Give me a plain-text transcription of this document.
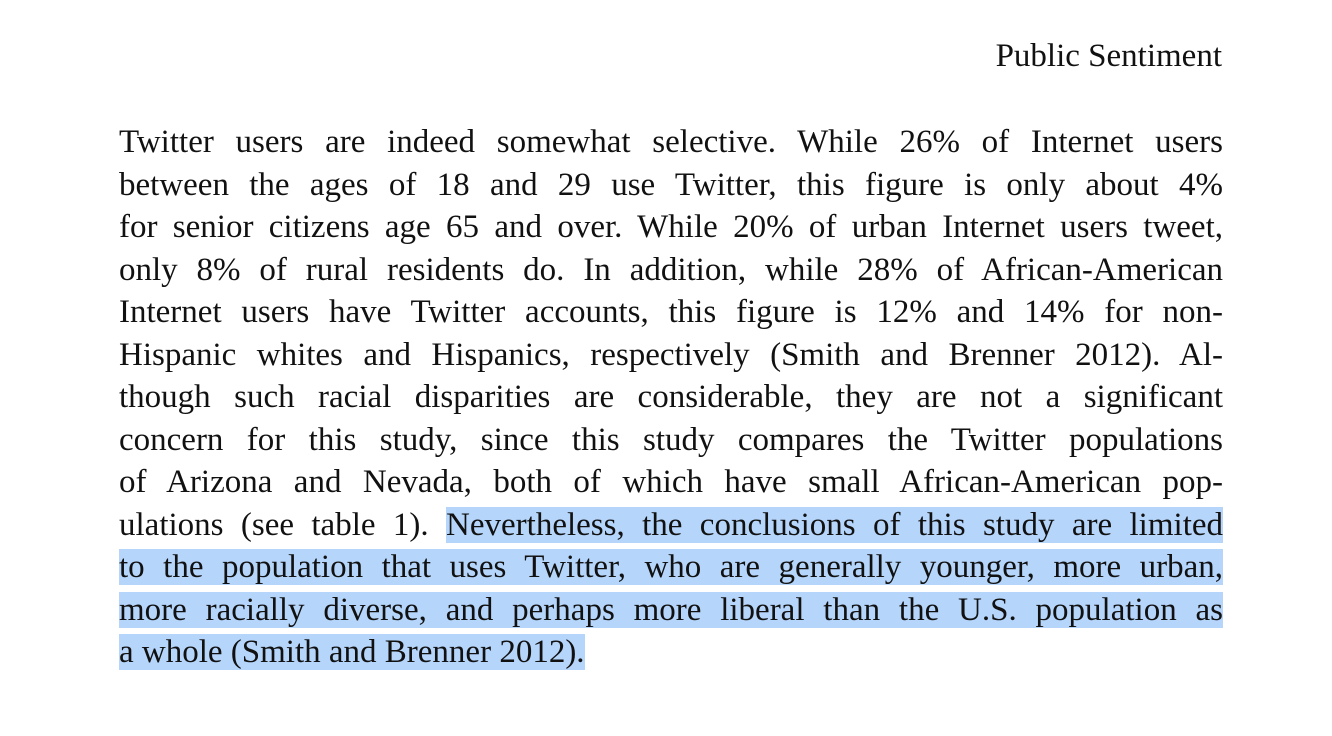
Public Sentiment
Twitter users are indeed somewhat selective. While 26% of Internet users
between the ages of 18 and 29 use Twitter, this figure is only about 4%
for senior citizens age 65 and over. While 20% of urban Internet users tweet,
only 8% of rural residents do. In addition, while 28% of African-American
Internet users have Twitter accounts, this figure is 12% and 14% for non-
Hispanic whites and Hispanics, respectively (Smith and Brenner 2012). Al-
though such racial disparities are considerable, they are not a significant
concern for this study, since this study compares the Twitter populations
of Arizona and Nevada, both of which have small African-American pop-
ulations (see table 1). Nevertheless, the conclusions of this study are limited
to the population that uses Twitter, who are generally younger, more urban,
more racially diverse, and perhaps more liberal than the U.S. population as
a whole (Smith and Brenner 2012).
